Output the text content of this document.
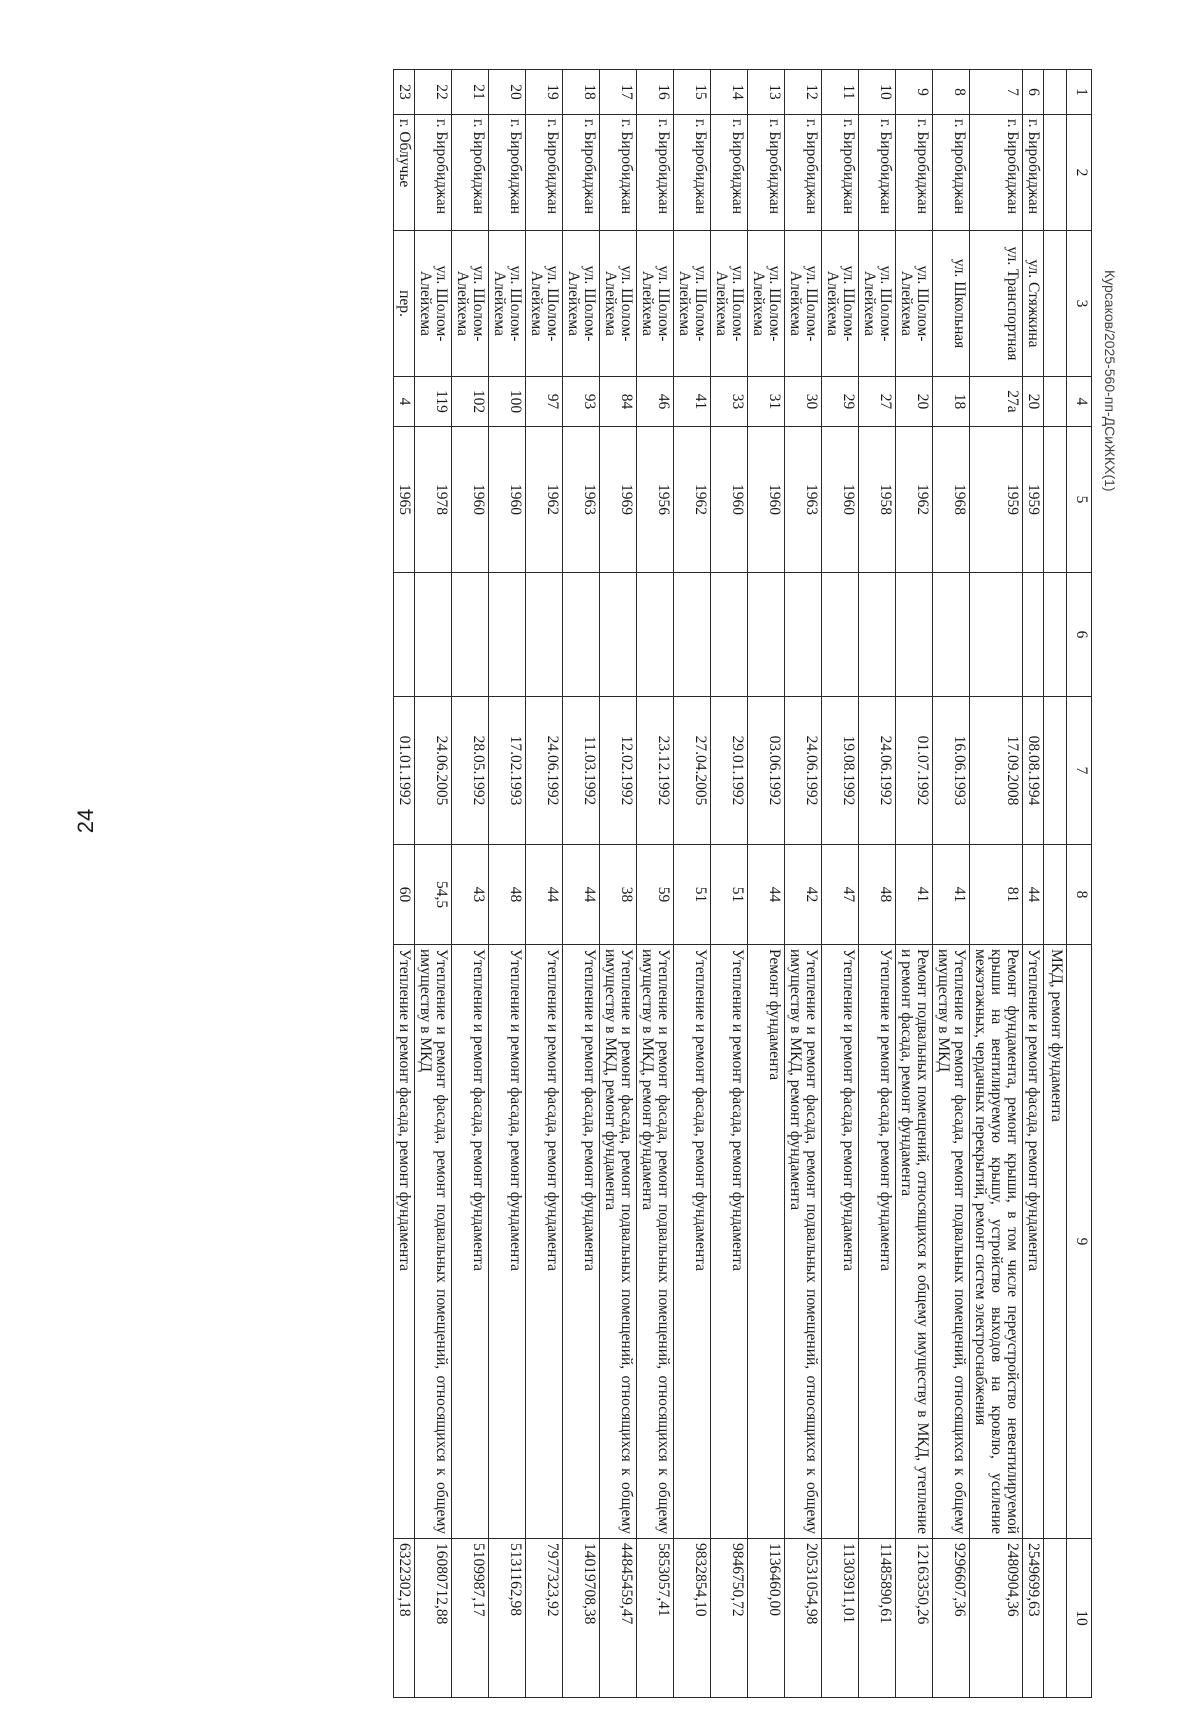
24
Курсаков/2025-560-пп-ДСиЖКХ(1)
1	2	3	4	5	6	7	8	9	10
								МКД, ремонт фундамента	
6	г. Биробиджан	ул. Стяжкина	20	1959		08.08.1994	44	Утепление и ремонт фасада, ремонт фундамента	2549699,63
7	г. Биробиджан	ул. Транспортная	27а	1959		17.09.2008	81	Ремонт фундамента, ремонт крыши, в том числе переустройство невентилируемой крыши на вентилируемую крышу, устройство выходов на кровлю, усиление межэтажных, чердачных перекрытий, ремонт систем электроснабжения	2480904,36
8	г. Биробиджан	ул. Школьная	18	1968		16.06.1993	41	Утепление и ремонт фасада, ремонт подвальных помещений, относящихся к общему имуществу в МКД	9296607,36
9	г. Биробиджан	ул. Шолом-Алейхема	20	1962		01.07.1992	41	Ремонт подвальных помещений, относящихся к общему имуществу в МКД, утепление и ремонт фасада, ремонт фундамента	12163350,26
10	г. Биробиджан	ул. Шолом-Алейхема	27	1958		24.06.1992	48	Утепление и ремонт фасада, ремонт фундамента	11485890,61
11	г. Биробиджан	ул. Шолом-Алейхема	29	1960		19.08.1992	47	Утепление и ремонт фасада, ремонт фундамента	11303911,01
12	г. Биробиджан	ул. Шолом-Алейхема	30	1963		24.06.1992	42	Утепление и ремонт фасада, ремонт подвальных помещений, относящихся к общему имуществу в МКД, ремонт фундамента	20531054,98
13	г. Биробиджан	ул. Шолом-Алейхема	31	1960		03.06.1992	44	Ремонт фундамента	1136460,00
14	г. Биробиджан	ул. Шолом-Алейхема	33	1960		29.01.1992	51	Утепление и ремонт фасада, ремонт фундамента	9846750,72
15	г. Биробиджан	ул. Шолом-Алейхема	41	1962		27.04.2005	51	Утепление и ремонт фасада, ремонт фундамента	9832854,10
16	г. Биробиджан	ул. Шолом-Алейхема	46	1956		23.12.1992	59	Утепление и ремонт фасада, ремонт подвальных помещений, относящихся к общему имуществу в МКД, ремонт фундамента	5853057,41
17	г. Биробиджан	ул. Шолом-Алейхема	84	1969		12.02.1992	38	Утепление и ремонт фасада, ремонт подвальных помещений, относящихся к общему имуществу в МКД, ремонт фундамента	44845459,47
18	г. Биробиджан	ул. Шолом-Алейхема	93	1963		11.03.1992	44	Утепление и ремонт фасада, ремонт фундамента	14019708,38
19	г. Биробиджан	ул. Шолом-Алейхема	97	1962		24.06.1992	44	Утепление и ремонт фасада, ремонт фундамента	7977323,92
20	г. Биробиджан	ул. Шолом-Алейхема	100	1960		17.02.1993	48	Утепление и ремонт фасада, ремонт фундамента	5131162,98
21	г. Биробиджан	ул. Шолом-Алейхема	102	1960		28.05.1992	43	Утепление и ремонт фасада, ремонт фундамента	5109987,17
22	г. Биробиджан	ул. Шолом-Алейхема	119	1978		24.06.2005	54,5	Утепление и ремонт фасада, ремонт подвальных помещений, относящихся к общему имуществу в МКД	16080712,88
23	г. Облучье	пер.	4	1965		01.01.1992	60	Утепление и ремонт фасада, ремонт фундамента	6322302,18
